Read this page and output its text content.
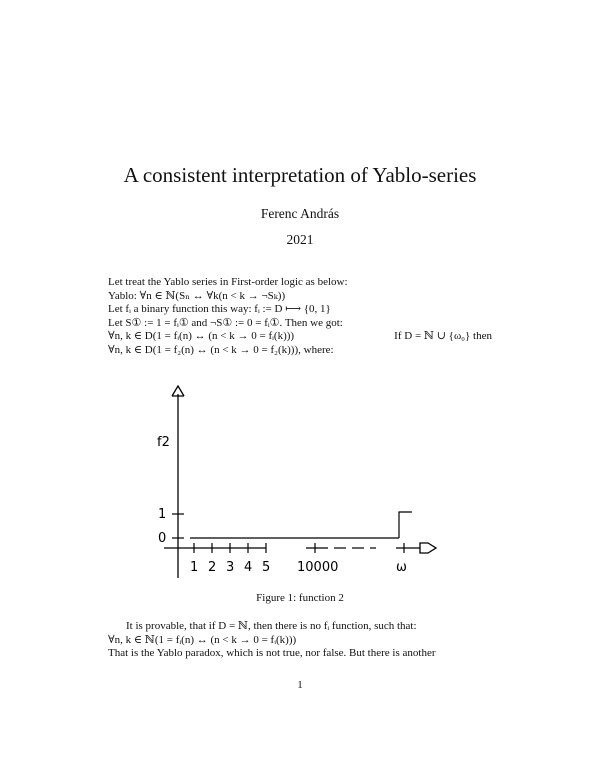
A consistent interpretation of Yablo-series
Ferenc András
2021
Let treat the Yablo series in First-order logic as below:
Yablo: ∀n ∈ ℕ(Sₙ ↔ ∀k(n < k → ¬Sₖ))
Let fᵢ a binary function this way: fᵢ := D ⟼ {0, 1}
Let S① := 1 = fᵢ① and ¬S① := 0 = fᵢ①. Then we got:
∀n, k ∈ D(1 = fᵢ(n) ↔ (n < k → 0 = fᵢ(k)))	If D = ℕ ∪ {ω₀} then
∀n, k ∈ D(1 = f₂(n) ↔ (n < k → 0 = f₂(k))), where:
f2
1
0
1 2 3 4 5 10000	ω
Figure 1: function 2
It is provable, that if D = ℕ, then there is no fᵢ function, such that:
∀n, k ∈ ℕ(1 = fᵢ(n) ↔ (n < k → 0 = fᵢ(k)))
That is the Yablo paradox, which is not true, nor false. But there is another
1
